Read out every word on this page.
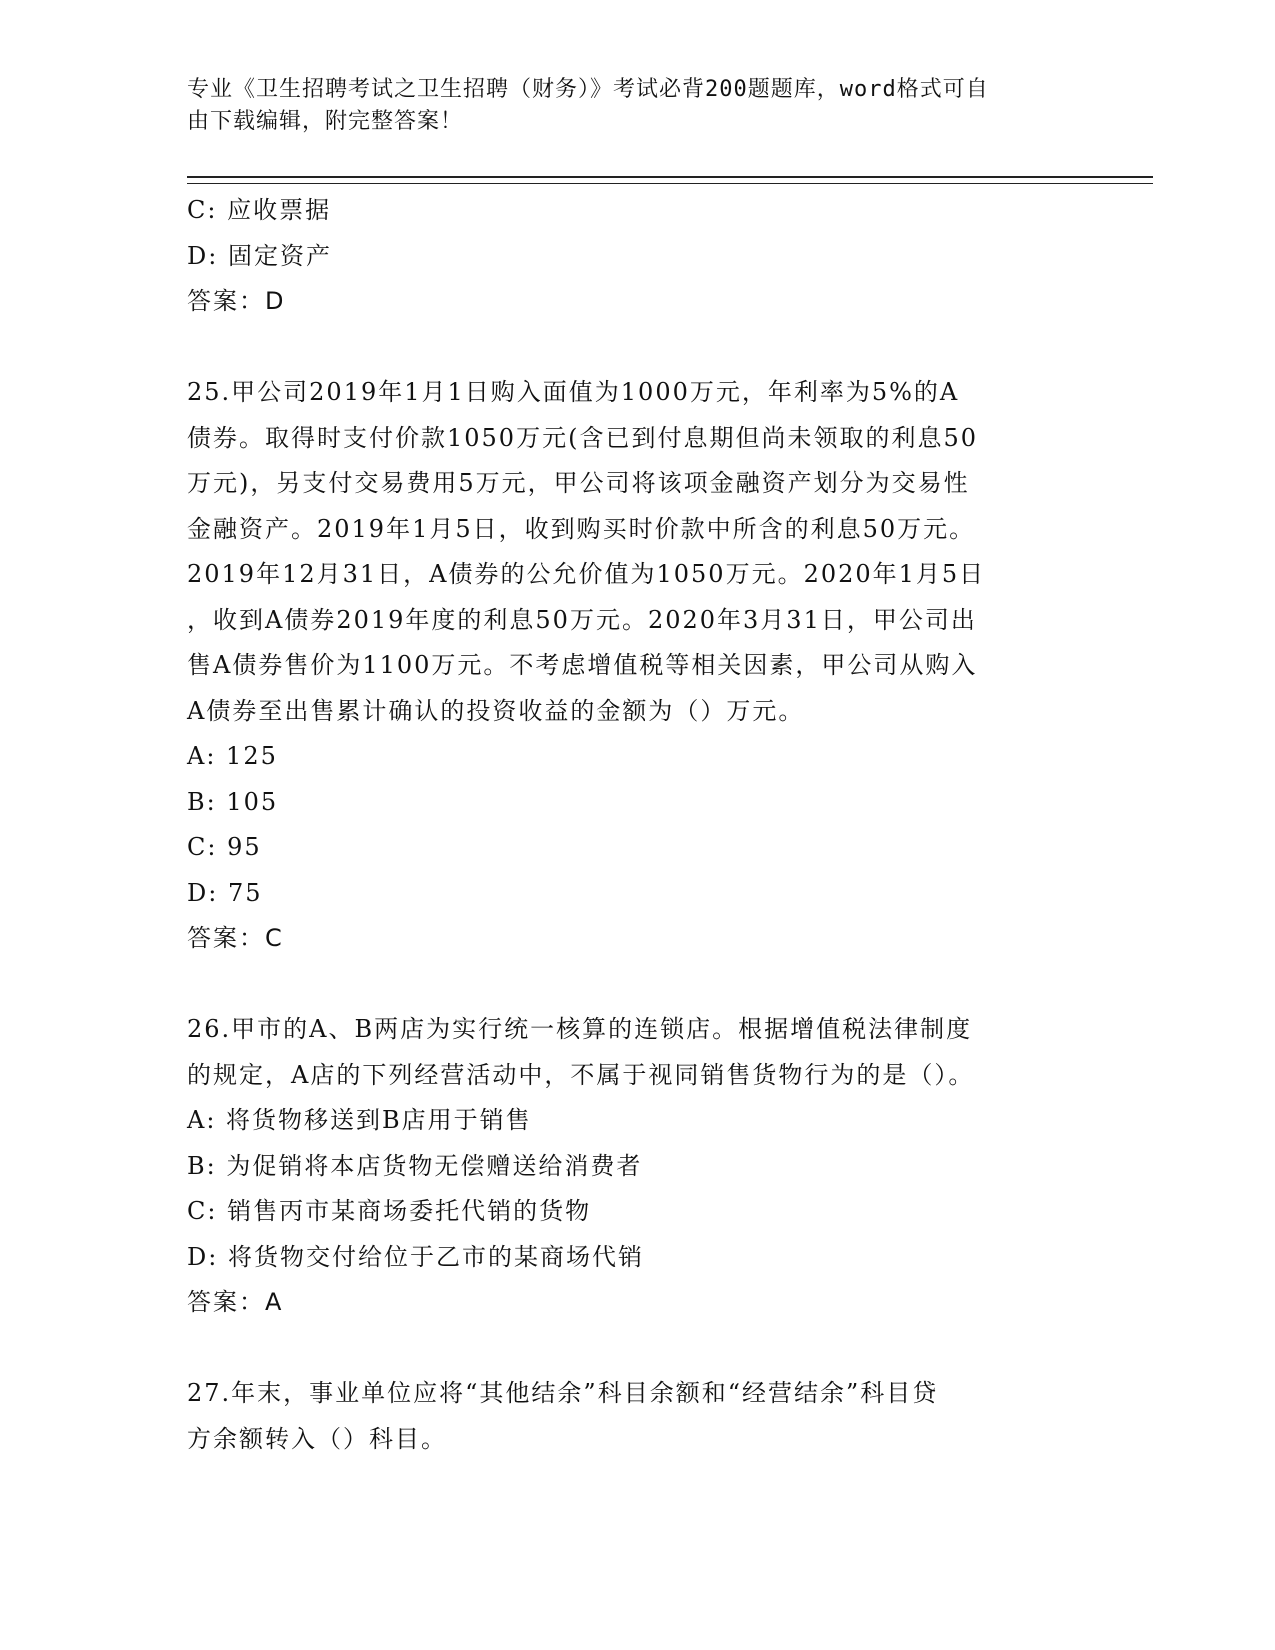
专业《卫生招聘考试之卫生招聘（财务）》考试必背200题题库，word格式可自
由下载编辑，附完整答案！
C: 应收票据
D: 固定资产
答案：D
25.甲公司2019年1月1日购入面值为1000万元，年利率为5%的A
债券。取得时支付价款1050万元(含已到付息期但尚未领取的利息50
万元)，另支付交易费用5万元，甲公司将该项金融资产划分为交易性
金融资产。2019年1月5日，收到购买时价款中所含的利息50万元。
2019年12月31日，A债券的公允价值为1050万元。2020年1月5日
，收到A债券2019年度的利息50万元。2020年3月31日，甲公司出
售A债券售价为1100万元。不考虑增值税等相关因素，甲公司从购入
A债券至出售累计确认的投资收益的金额为（）万元。
A: 125
B: 105
C: 95
D: 75
答案：C
26.甲市的A、B两店为实行统一核算的连锁店。根据增值税法律制度
的规定，A店的下列经营活动中，不属于视同销售货物行为的是（）。
A: 将货物移送到B店用于销售
B: 为促销将本店货物无偿赠送给消费者
C: 销售丙市某商场委托代销的货物
D: 将货物交付给位于乙市的某商场代销
答案：A
27.年末，事业单位应将“其他结余”科目余额和“经营结余”科目贷
方余额转入（）科目。
